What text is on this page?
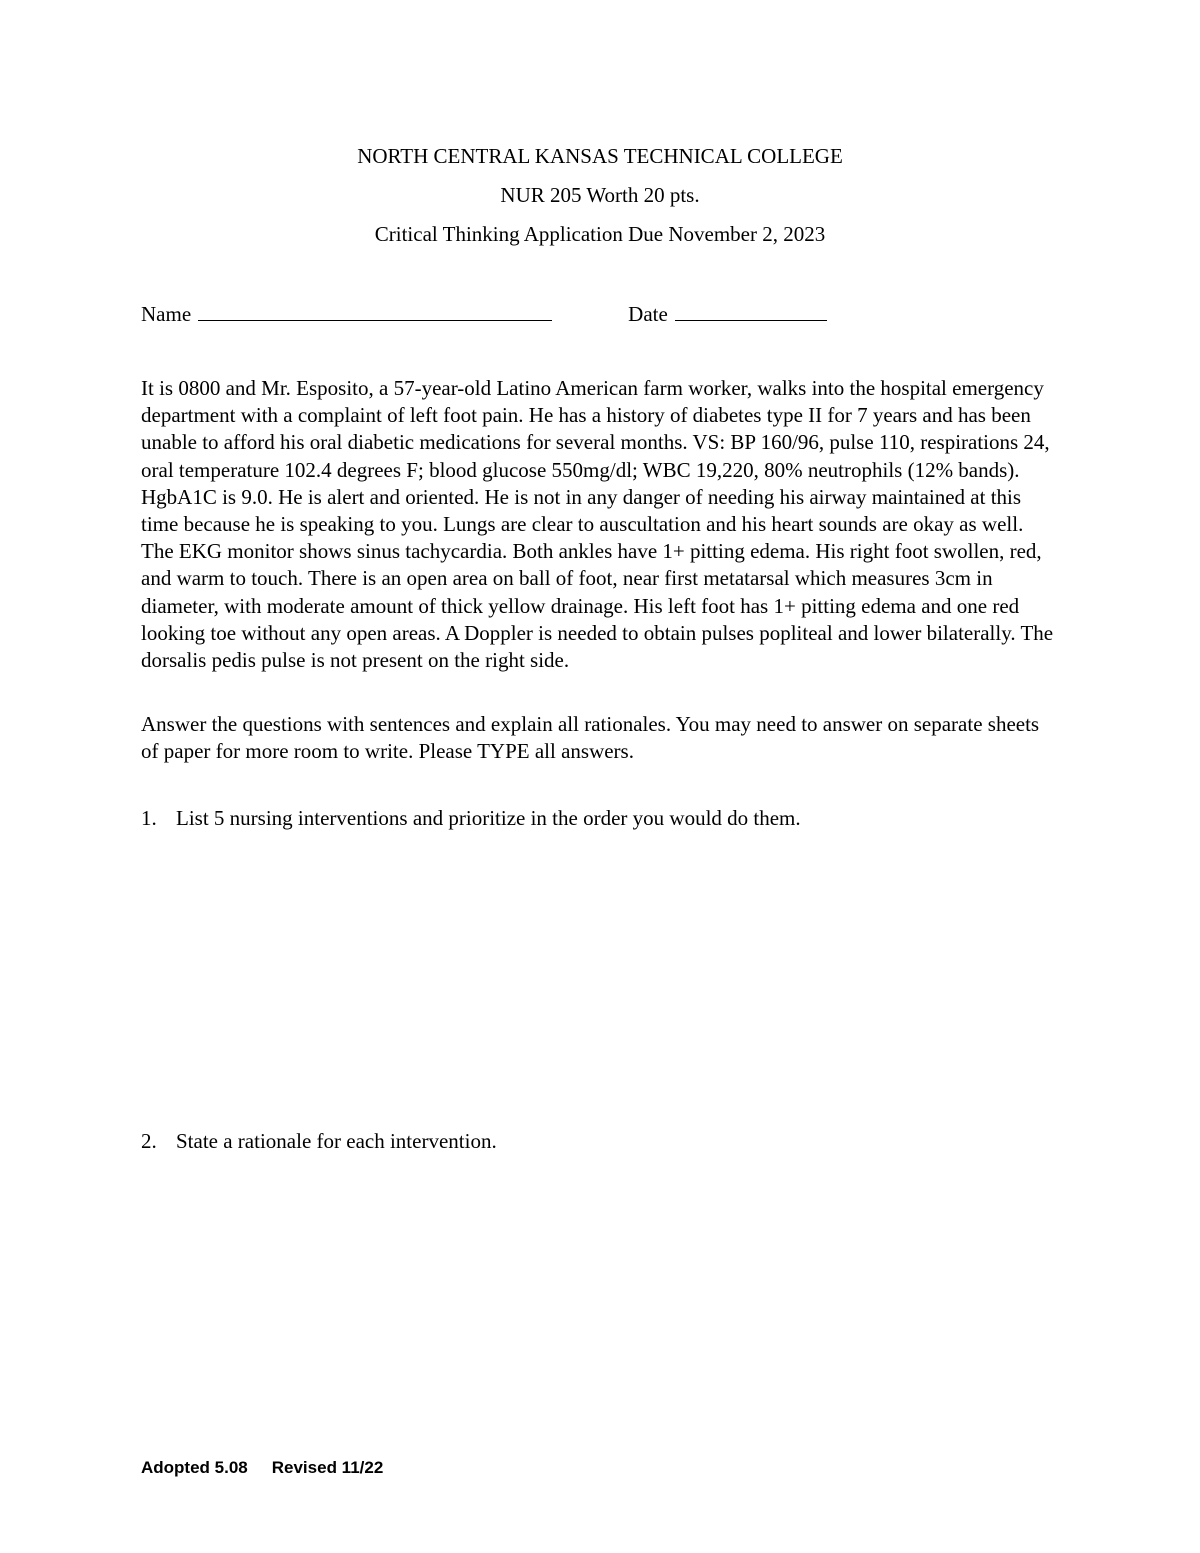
NORTH CENTRAL KANSAS TECHNICAL COLLEGE

NUR 205 Worth 20 pts.

Critical Thinking Application Due November 2, 2023

Name	Date

It is 0800 and Mr. Esposito, a 57-year-old Latino American farm worker, walks into the hospital emergency department with a complaint of left foot pain. He has a history of diabetes type II for 7 years and has been unable to afford his oral diabetic medications for several months. VS: BP 160/96, pulse 110, respirations 24, oral temperature 102.4 degrees F; blood glucose 550mg/dl; WBC 19,220, 80% neutrophils (12% bands). HgbA1C is 9.0. He is alert and oriented. He is not in any danger of needing his airway maintained at this time because he is speaking to you. Lungs are clear to auscultation and his heart sounds are okay as well. The EKG monitor shows sinus tachycardia. Both ankles have 1+ pitting edema. His right foot swollen, red, and warm to touch. There is an open area on ball of foot, near first metatarsal which measures 3cm in diameter, with moderate amount of thick yellow drainage. His left foot has 1+ pitting edema and one red looking toe without any open areas. A Doppler is needed to obtain pulses popliteal and lower bilaterally. The dorsalis pedis pulse is not present on the right side.

Answer the questions with sentences and explain all rationales. You may need to answer on separate sheets of paper for more room to write. Please TYPE all answers.

1. List 5 nursing interventions and prioritize in the order you would do them.
2. State a rationale for each intervention.
Adopted 5.08 Revised 11/22
